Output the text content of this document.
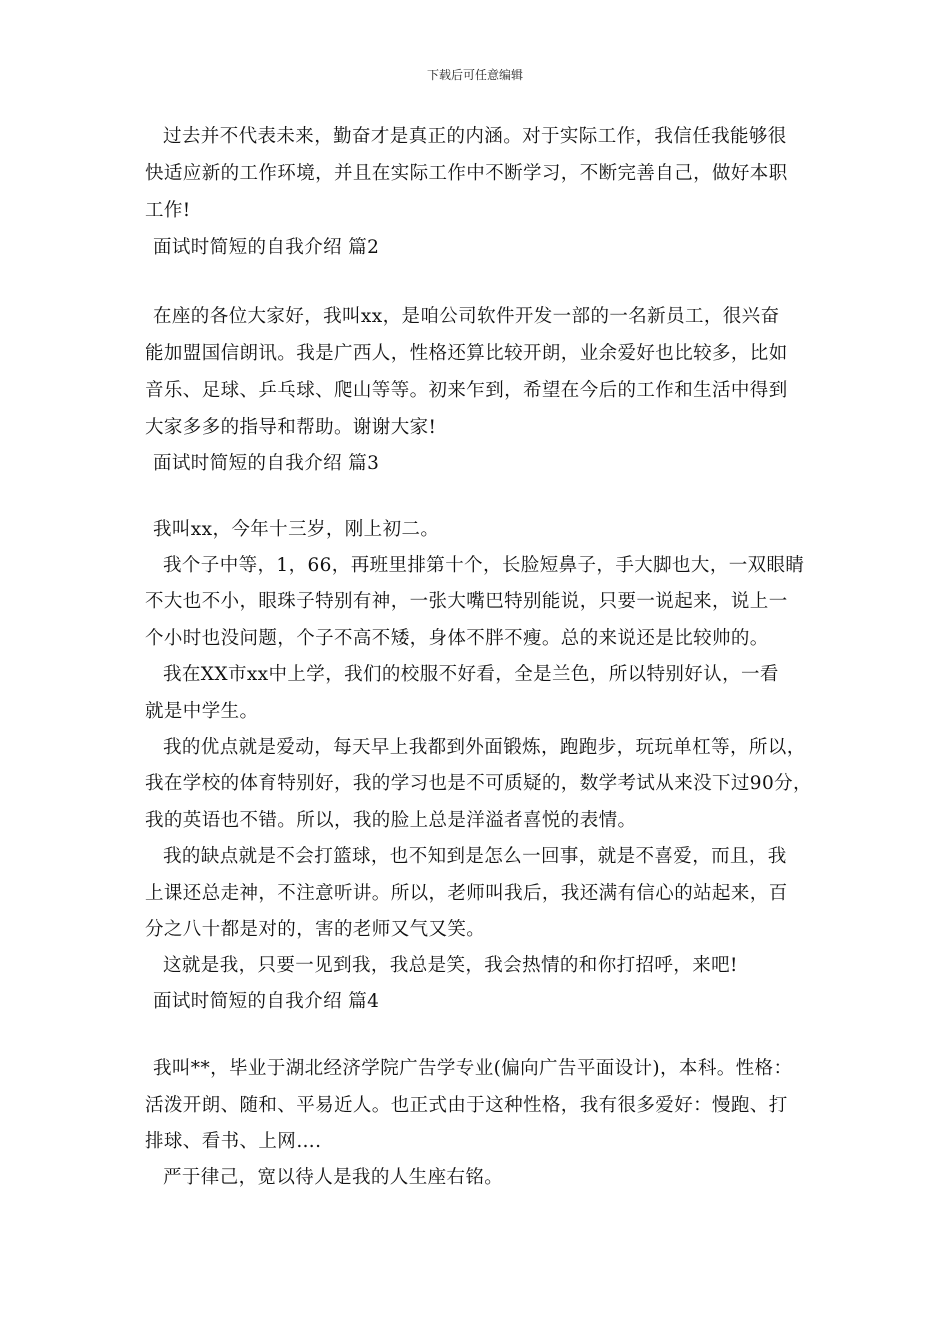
下载后可任意编辑
过去并不代表未来，勤奋才是真正的内涵。对于实际工作，我信任我能够很
快适应新的工作环境，并且在实际工作中不断学习，不断完善自己，做好本职
工作!
面试时简短的自我介绍 篇2
在座的各位大家好，我叫xx，是咱公司软件开发一部的一名新员工，很兴奋
能加盟国信朗讯。我是广西人，性格还算比较开朗，业余爱好也比较多，比如
音乐、足球、乒乓球、爬山等等。初来乍到，希望在今后的工作和生活中得到
大家多多的指导和帮助。谢谢大家!
面试时简短的自我介绍 篇3
我叫xx，今年十三岁，刚上初二。
我个子中等，1，66，再班里排第十个，长脸短鼻子，手大脚也大，一双眼睛
不大也不小，眼珠子特别有神，一张大嘴巴特别能说，只要一说起来，说上一
个小时也没问题，个子不高不矮，身体不胖不瘦。总的来说还是比较帅的。
我在XX市xx中上学，我们的校服不好看，全是兰色，所以特别好认，一看
就是中学生。
我的优点就是爱动，每天早上我都到外面锻炼，跑跑步，玩玩单杠等，所以，
我在学校的体育特别好，我的学习也是不可质疑的，数学考试从来没下过90分，
我的英语也不错。所以，我的脸上总是洋溢者喜悦的表情。
我的缺点就是不会打篮球，也不知到是怎么一回事，就是不喜爱，而且，我
上课还总走神，不注意听讲。所以，老师叫我后，我还满有信心的站起来，百
分之八十都是对的，害的老师又气又笑。
这就是我，只要一见到我，我总是笑，我会热情的和你打招呼，来吧!
面试时简短的自我介绍 篇4
我叫**，毕业于湖北经济学院广告学专业(偏向广告平面设计)，本科。性格：
活泼开朗、随和、平易近人。也正式由于这种性格，我有很多爱好：慢跑、打
排球、看书、上网….
严于律己，宽以待人是我的人生座右铭。
